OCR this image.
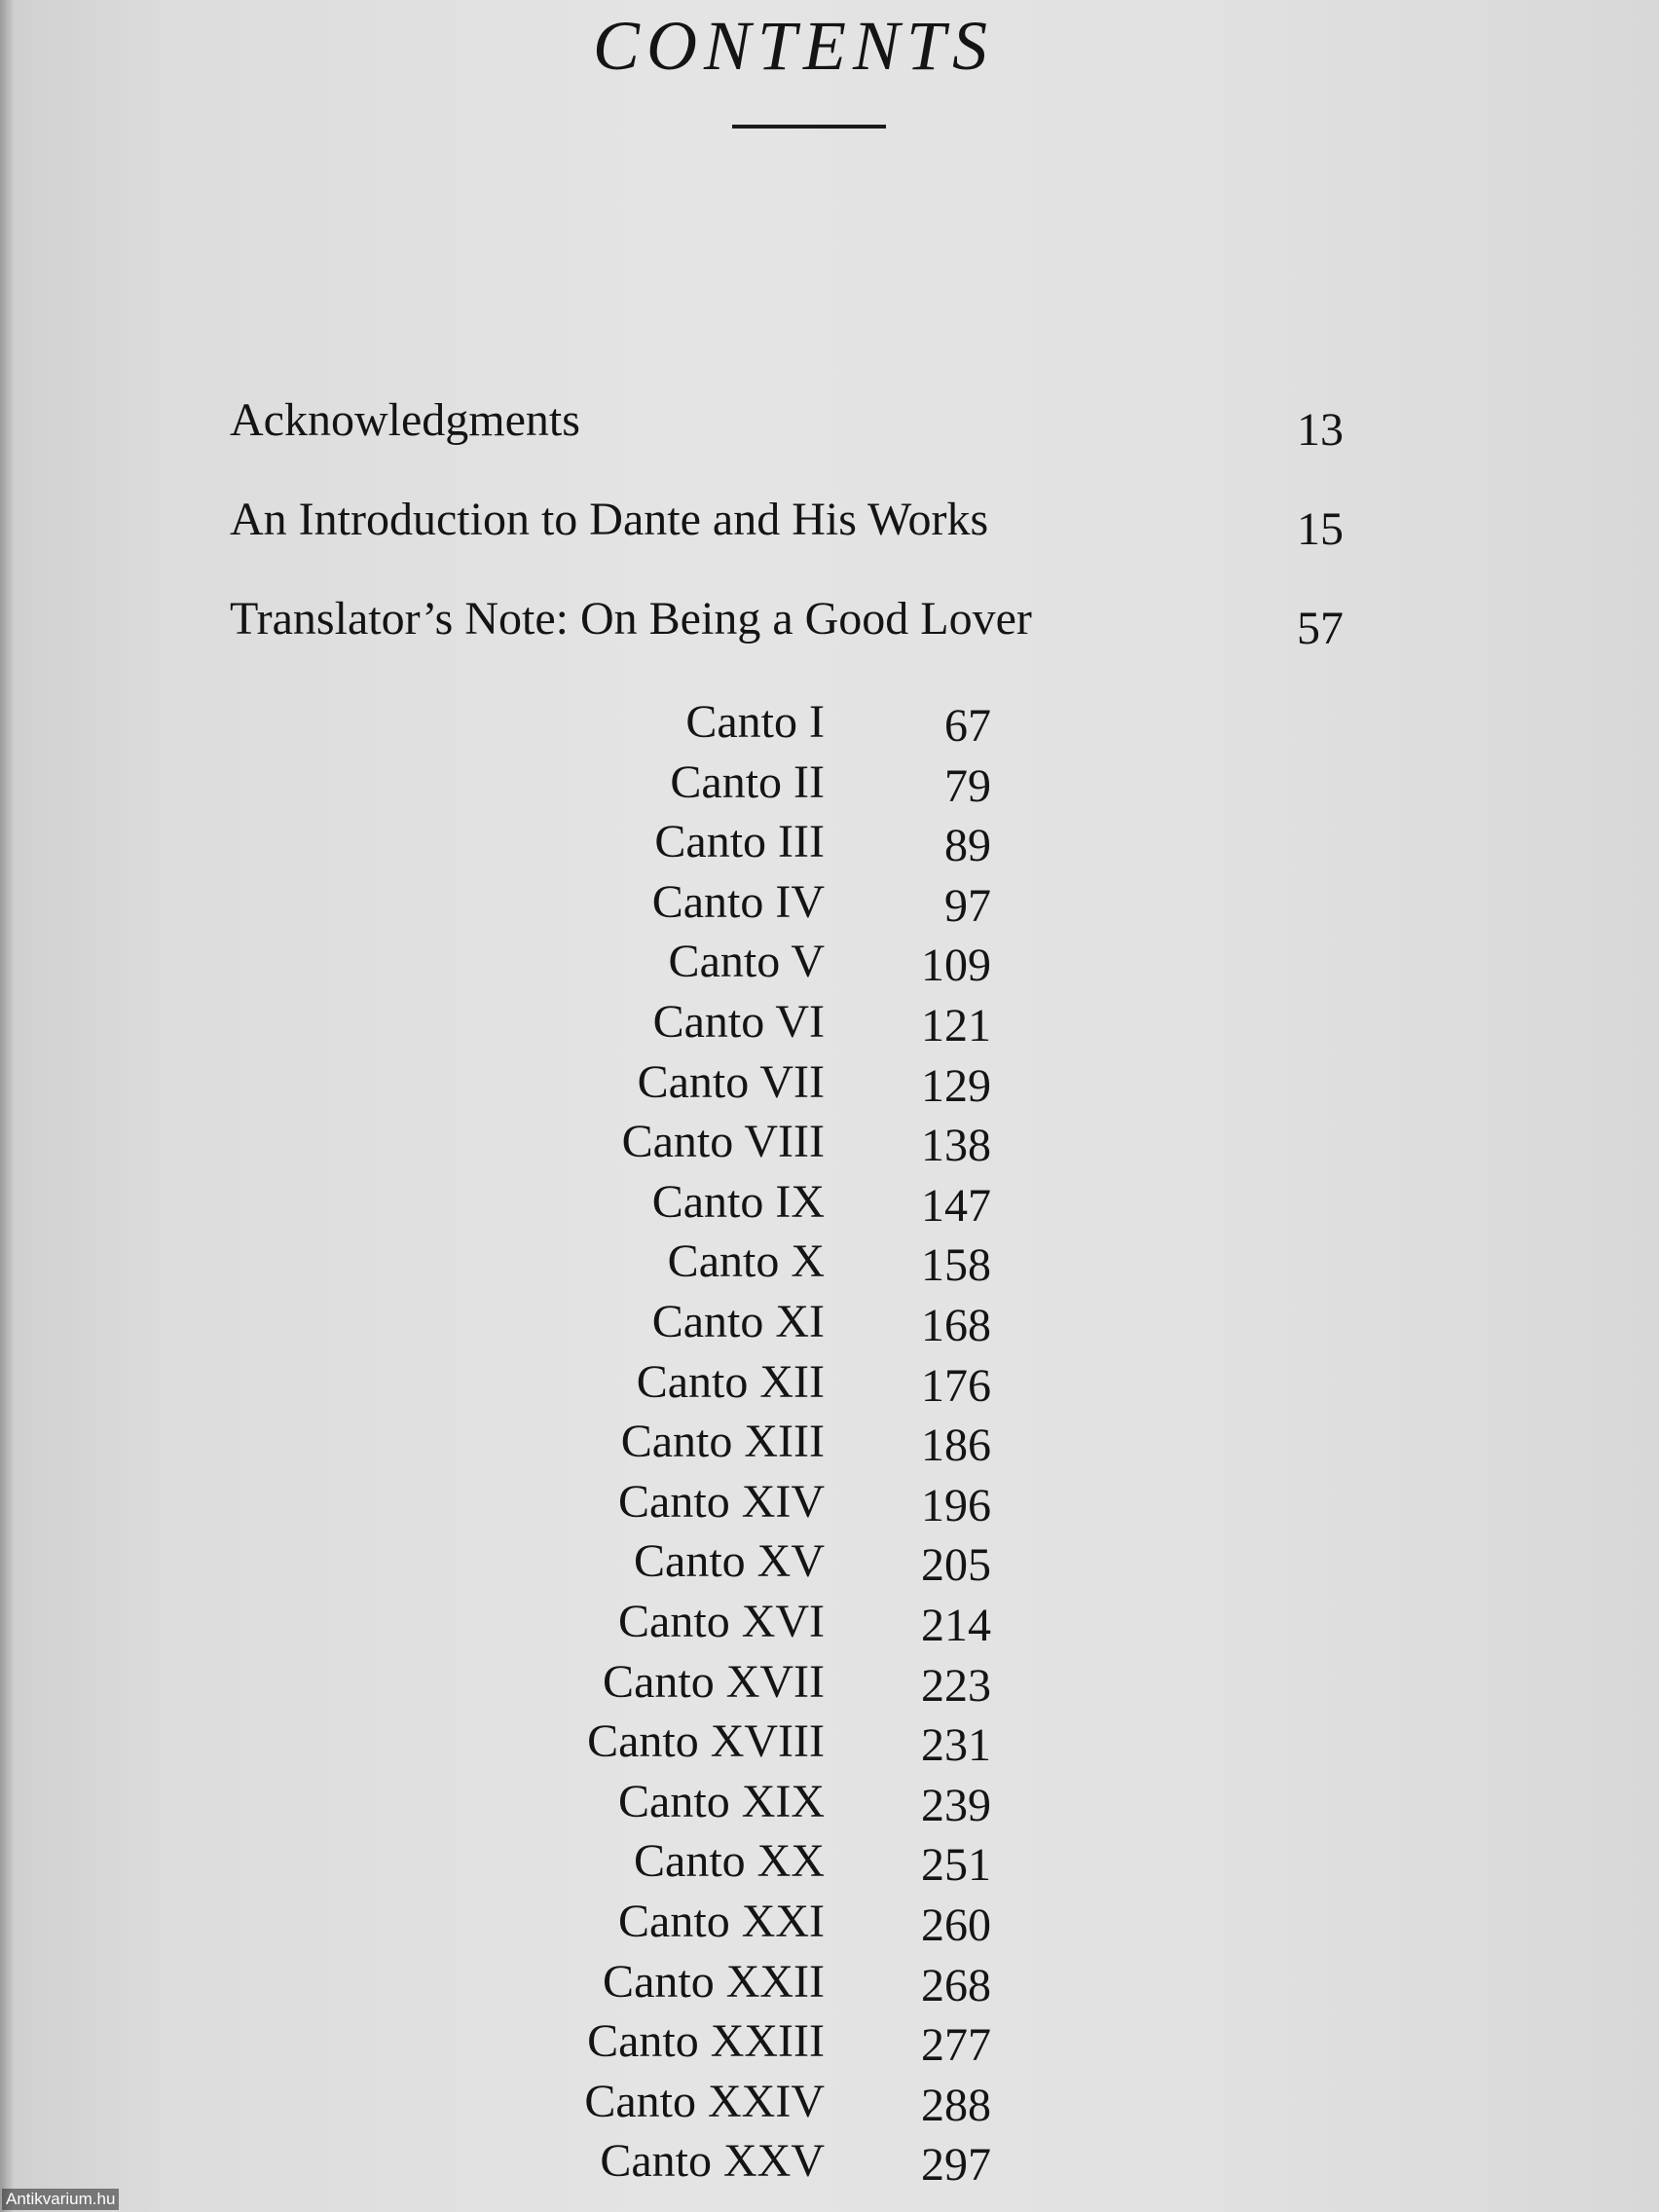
CONTENTS
Acknowledgments	13
An Introduction to Dante and His Works	15
Translator’s Note: On Being a Good Lover	57
Canto I	67
Canto II	79
Canto III	89
Canto IV	97
Canto V 109
Canto VI 121
Canto VII 129
Canto VIII 138
Canto IX 147
Canto X 158
Canto XI 168
Canto XII 176
Canto XIII 186
Canto XIV 196
Canto XV 205
Canto XVI 214
Canto XVII 223
Canto XVIII 231
Canto XIX 239
Canto XX 251
Canto XXI 260
Canto XXII 268
Canto XXIII 277
Canto XXIV 288
Canto XXV 297
Antikvarium.hu
